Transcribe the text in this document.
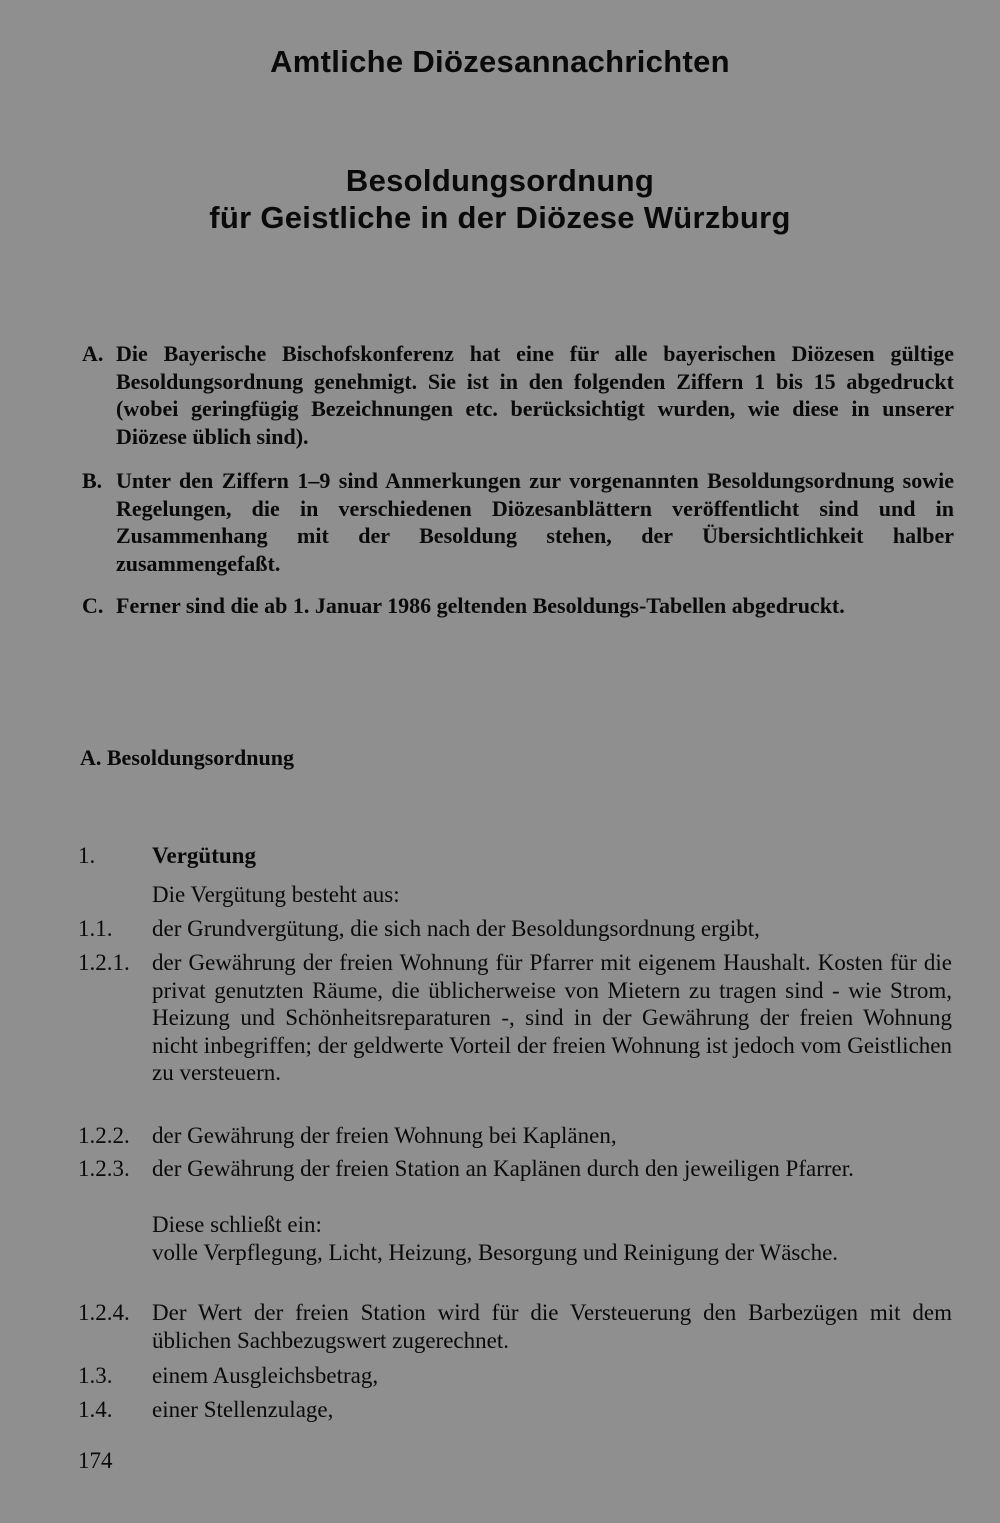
Amtliche Diözesannachrichten
Besoldungsordnung
für Geistliche in der Diözese Würzburg
A. Die Bayerische Bischofskonferenz hat eine für alle bayerischen Diözesen gültige Besoldungsordnung genehmigt. Sie ist in den folgenden Ziffern 1 bis 15 abgedruckt (wobei geringfügig Bezeichnungen etc. berücksichtigt wurden, wie diese in unserer Diözese üblich sind).
B. Unter den Ziffern 1–9 sind Anmerkungen zur vorgenannten Besoldungsordnung sowie Regelungen, die in verschiedenen Diözesanblättern veröffentlicht sind und in Zusammenhang mit der Besoldung stehen, der Übersichtlichkeit halber zusammengefaßt.
C. Ferner sind die ab 1. Januar 1986 geltenden Besoldungs-Tabellen abgedruckt.
A. Besoldungsordnung
1. Vergütung
Die Vergütung besteht aus:
1.1. der Grundvergütung, die sich nach der Besoldungsordnung ergibt,
1.2.1. der Gewährung der freien Wohnung für Pfarrer mit eigenem Haushalt. Kosten für die privat genutzten Räume, die üblicherweise von Mietern zu tragen sind - wie Strom, Heizung und Schönheitsreparaturen -, sind in der Gewährung der freien Wohnung nicht inbegriffen; der geldwerte Vorteil der freien Wohnung ist jedoch vom Geistlichen zu versteuern.
1.2.2. der Gewährung der freien Wohnung bei Kaplänen,
1.2.3. der Gewährung der freien Station an Kaplänen durch den jeweiligen Pfarrer.
Diese schließt ein:
volle Verpflegung, Licht, Heizung, Besorgung und Reinigung der Wäsche.
1.2.4. Der Wert der freien Station wird für die Versteuerung den Barbezügen mit dem üblichen Sachbezugswert zugerechnet.
1.3. einem Ausgleichsbetrag,
1.4. einer Stellenzulage,
174
